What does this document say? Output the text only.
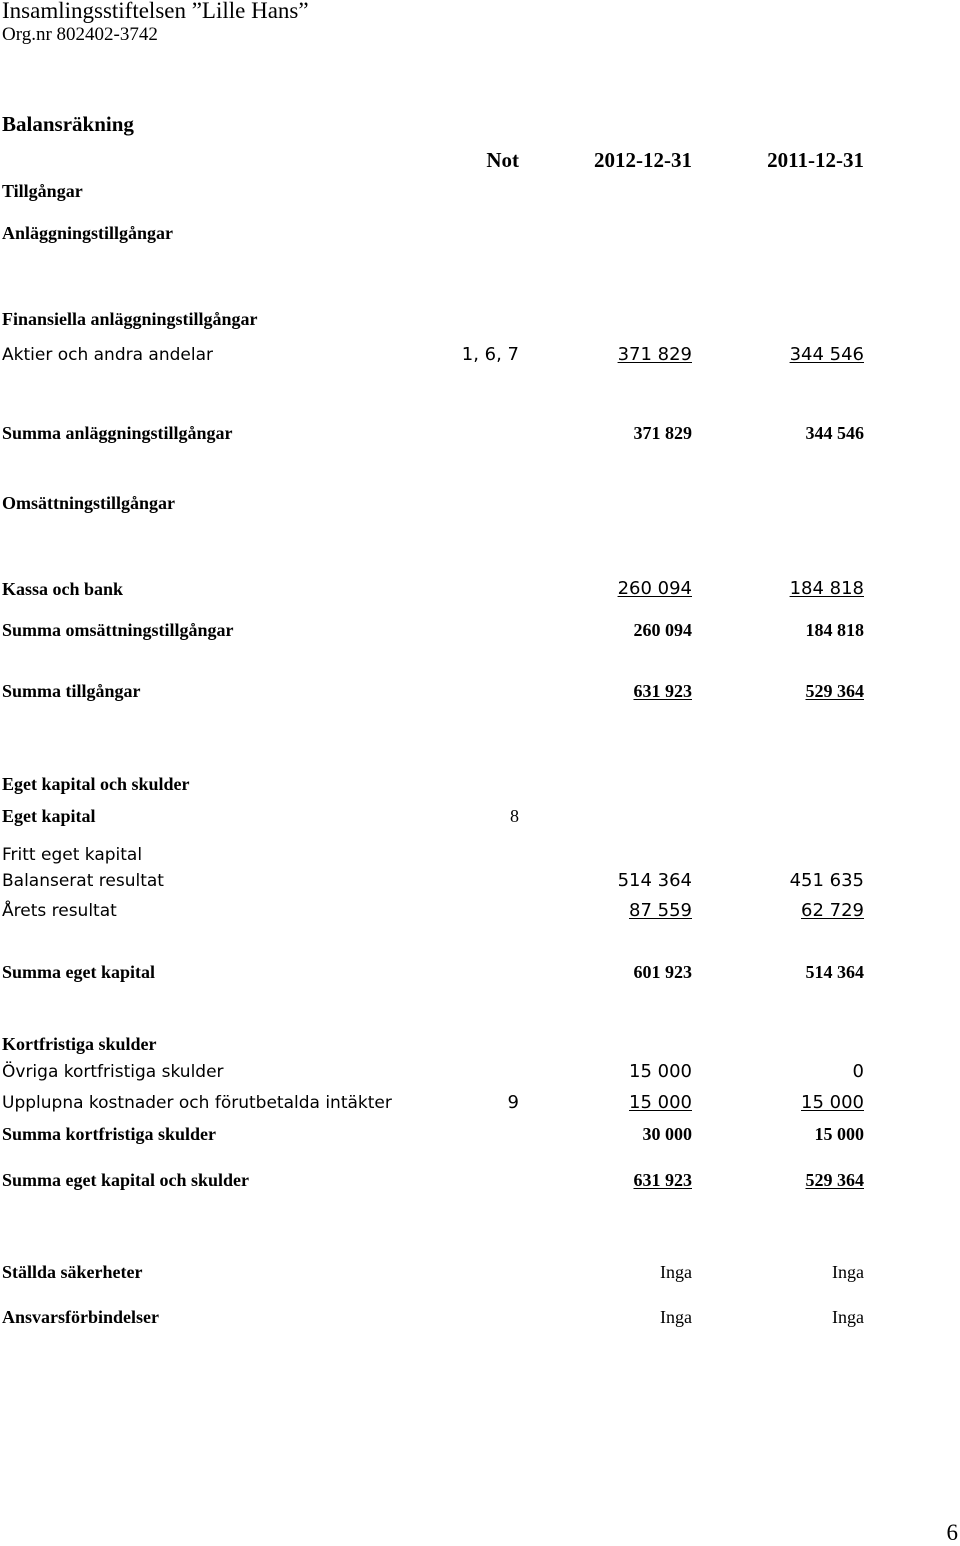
Insamlingsstiftelsen ”Lille Hans”
Org.nr 802402-3742
Balansräkning
Not	2012-12-31	2011-12-31
Tillgångar
Anläggningstillgångar
Finansiella anläggningstillgångar
Aktier och andra andelar	1, 6, 7	371 829	344 546
Summa anläggningstillgångar	371 829	344 546
Omsättningstillgångar
Kassa och bank	260 094	184 818
Summa omsättningstillgångar	260 094	184 818
Summa tillgångar	631 923	529 364
Eget kapital och skulder
Eget kapital	8
Fritt eget kapital
Balanserat resultat	514 364	451 635
Årets resultat	87 559	62 729
Summa eget kapital	601 923	514 364
Kortfristiga skulder
Övriga kortfristiga skulder	15 000	0
Upplupna kostnader och förutbetalda intäkter	9	15 000	15 000
Summa kortfristiga skulder	30 000	15 000
Summa eget kapital och skulder	631 923	529 364
Ställda säkerheter	Inga	Inga
Ansvarsförbindelser	Inga	Inga
6
